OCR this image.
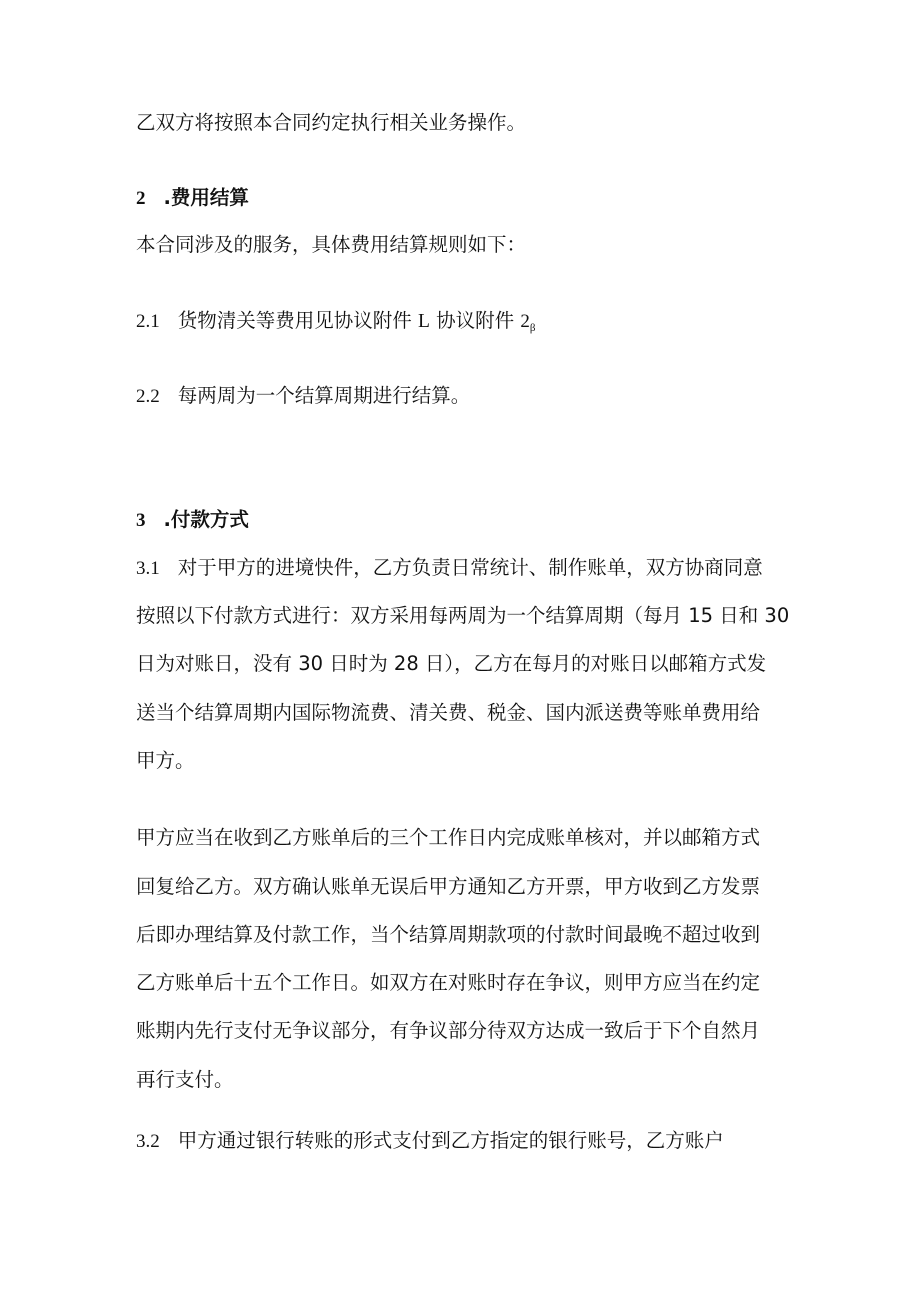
乙双方将按照本合同约定执行相关业务操作。
2 .费用结算
本合同涉及的服务，具体费用结算规则如下：
2.1 货物清关等费用见协议附件 L 协议附件 $2_\beta$
2.2 每两周为一个结算周期进行结算。
3 .付款方式
3.1 对于甲方的进境快件，乙方负责日常统计、制作账单，双方协商同意
按照以下付款方式进行：双方采用每两周为一个结算周期（每月 15 日和 30
日为对账日，没有 30 日时为 28 日），乙方在每月的对账日以邮箱方式发
送当个结算周期内国际物流费、清关费、税金、国内派送费等账单费用给
甲方。
甲方应当在收到乙方账单后的三个工作日内完成账单核对，并以邮箱方式
回复给乙方。双方确认账单无误后甲方通知乙方开票，甲方收到乙方发票
后即办理结算及付款工作，当个结算周期款项的付款时间最晚不超过收到
乙方账单后十五个工作日。如双方在对账时存在争议，则甲方应当在约定
账期内先行支付无争议部分，有争议部分待双方达成一致后于下个自然月
再行支付。
3.2 甲方通过银行转账的形式支付到乙方指定的银行账号，乙方账户
